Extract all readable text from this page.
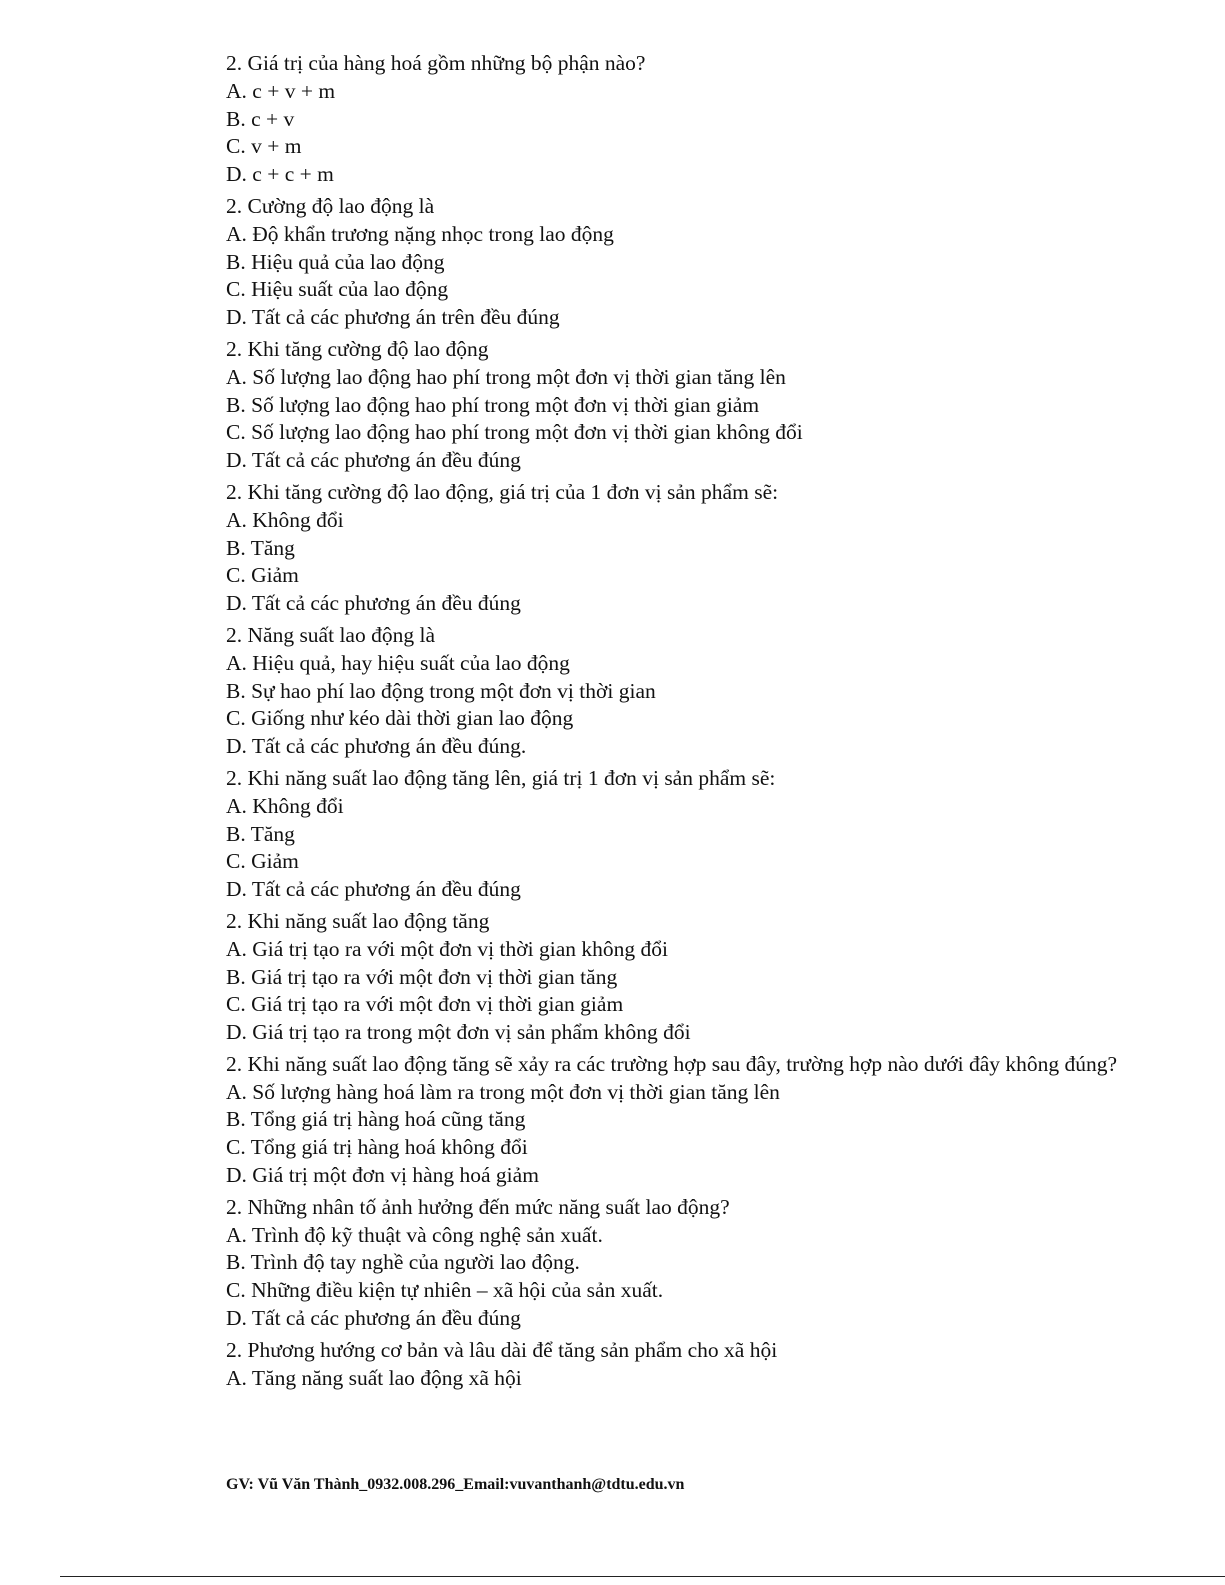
2. Giá trị của hàng hoá gồm những bộ phận nào?
A. c + v + m
B. c + v
C. v + m
D. c + c + m
2. Cường độ lao động là
A. Độ khẩn trương nặng nhọc trong lao động
B. Hiệu quả của lao động
C. Hiệu suất của lao động
D. Tất cả các phương án trên đều đúng
2. Khi tăng cường độ lao động
A. Số lượng lao động hao phí trong một đơn vị thời gian tăng lên
B. Số lượng lao động hao phí trong một đơn vị thời gian giảm
C. Số lượng lao động hao phí trong một đơn vị thời gian không đổi
D. Tất cả các phương án đều đúng
2. Khi tăng cường độ lao động, giá trị của 1 đơn vị sản phẩm sẽ:
A. Không đổi
B. Tăng
C. Giảm
D. Tất cả các phương án đều đúng
2. Năng suất lao động là
A. Hiệu quả, hay hiệu suất của lao động
B. Sự hao phí lao động trong một đơn vị thời gian
C. Giống như kéo dài thời gian lao động
D. Tất cả các phương án đều đúng.
2. Khi năng suất lao động tăng lên, giá trị 1 đơn vị sản phẩm sẽ:
A. Không đổi
B. Tăng
C. Giảm
D. Tất cả các phương án đều đúng
2. Khi năng suất lao động tăng
A. Giá trị tạo ra với một đơn vị thời gian không đổi
B. Giá trị tạo ra với một đơn vị thời gian tăng
C. Giá trị tạo ra với một đơn vị thời gian giảm
D. Giá trị tạo ra trong một đơn vị sản phẩm không đổi
2. Khi năng suất lao động tăng sẽ xảy ra các trường hợp sau đây, trường hợp nào dưới đây không đúng?
A. Số lượng hàng hoá làm ra trong một đơn vị thời gian tăng lên
B. Tổng giá trị hàng hoá cũng tăng
C. Tổng giá trị hàng hoá không đổi
D. Giá trị một đơn vị hàng hoá giảm
2. Những nhân tố ảnh hưởng đến mức năng suất lao động?
A. Trình độ kỹ thuật và công nghệ sản xuất.
B. Trình độ tay nghề của người lao động.
C. Những điều kiện tự nhiên – xã hội của sản xuất.
D. Tất cả các phương án đều đúng
2. Phương hướng cơ bản và lâu dài để tăng sản phẩm cho xã hội
A. Tăng năng suất lao động xã hội
GV: Vũ Văn Thành_0932.008.296_Email:vuvanthanh@tdtu.edu.vn
